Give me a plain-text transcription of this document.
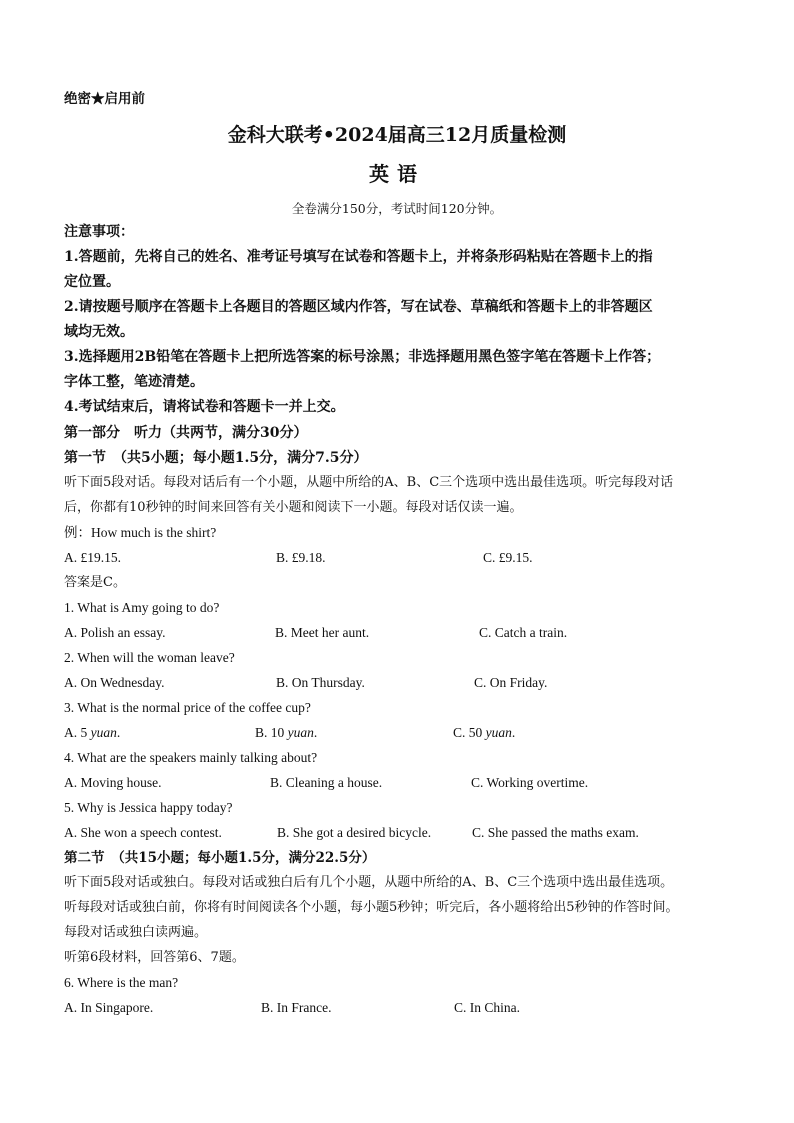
绝密★启用前
金科大联考•2024届高三12月质量检测
英语
全卷满分150分，考试时间120分钟。
注意事项：
1.答题前，先将自己的姓名、准考证号填写在试卷和答题卡上，并将条形码粘贴在答题卡上的指
定位置。
2.请按题号顺序在答题卡上各题目的答题区域内作答，写在试卷、草稿纸和答题卡上的非答题区
域均无效。
3.选择题用2B铅笔在答题卡上把所选答案的标号涂黑；非选择题用黑色签字笔在答题卡上作答；
字体工整，笔迹清楚。
4.考试结束后，请将试卷和答题卡一并上交。
第一部分　听力（共两节，满分30分）
第一节　（共5小题；每小题1.5分，满分7.5分）
听下面5段对话。每段对话后有一个小题，从题中所给的A、B、C三个选项中选出最佳选项。听完每段对话
后，你都有10秒钟的时间来回答有关小题和阅读下一小题。每段对话仅读一遍。
例：How much is the shirt?
A. £19.15.	B. £9.18.	C. £9.15.
答案是C。
1. What is Amy going to do?
A. Polish an essay.	B. Meet her aunt.	C. Catch a train.
2. When will the woman leave?
A. On Wednesday.	B. On Thursday.	C. On Friday.
3. What is the normal price of the coffee cup?
A. 5 yuan.	B. 10 yuan.	C. 50 yuan.
4. What are the speakers mainly talking about?
A. Moving house.	B. Cleaning a house.	C. Working overtime.
5. Why is Jessica happy today?
A. She won a speech contest.	B. She got a desired bicycle.	C. She passed the maths exam.
第二节　（共15小题；每小题1.5分，满分22.5分）
听下面5段对话或独白。每段对话或独白后有几个小题，从题中所给的A、B、C三个选项中选出最佳选项。
听每段对话或独白前，你将有时间阅读各个小题，每小题5秒钟；听完后，各小题将给出5秒钟的作答时间。
每段对话或独白读两遍。
听第6段材料，回答第6、7题。
6. Where is the man?
A. In Singapore.	B. In France.	C. In China.
